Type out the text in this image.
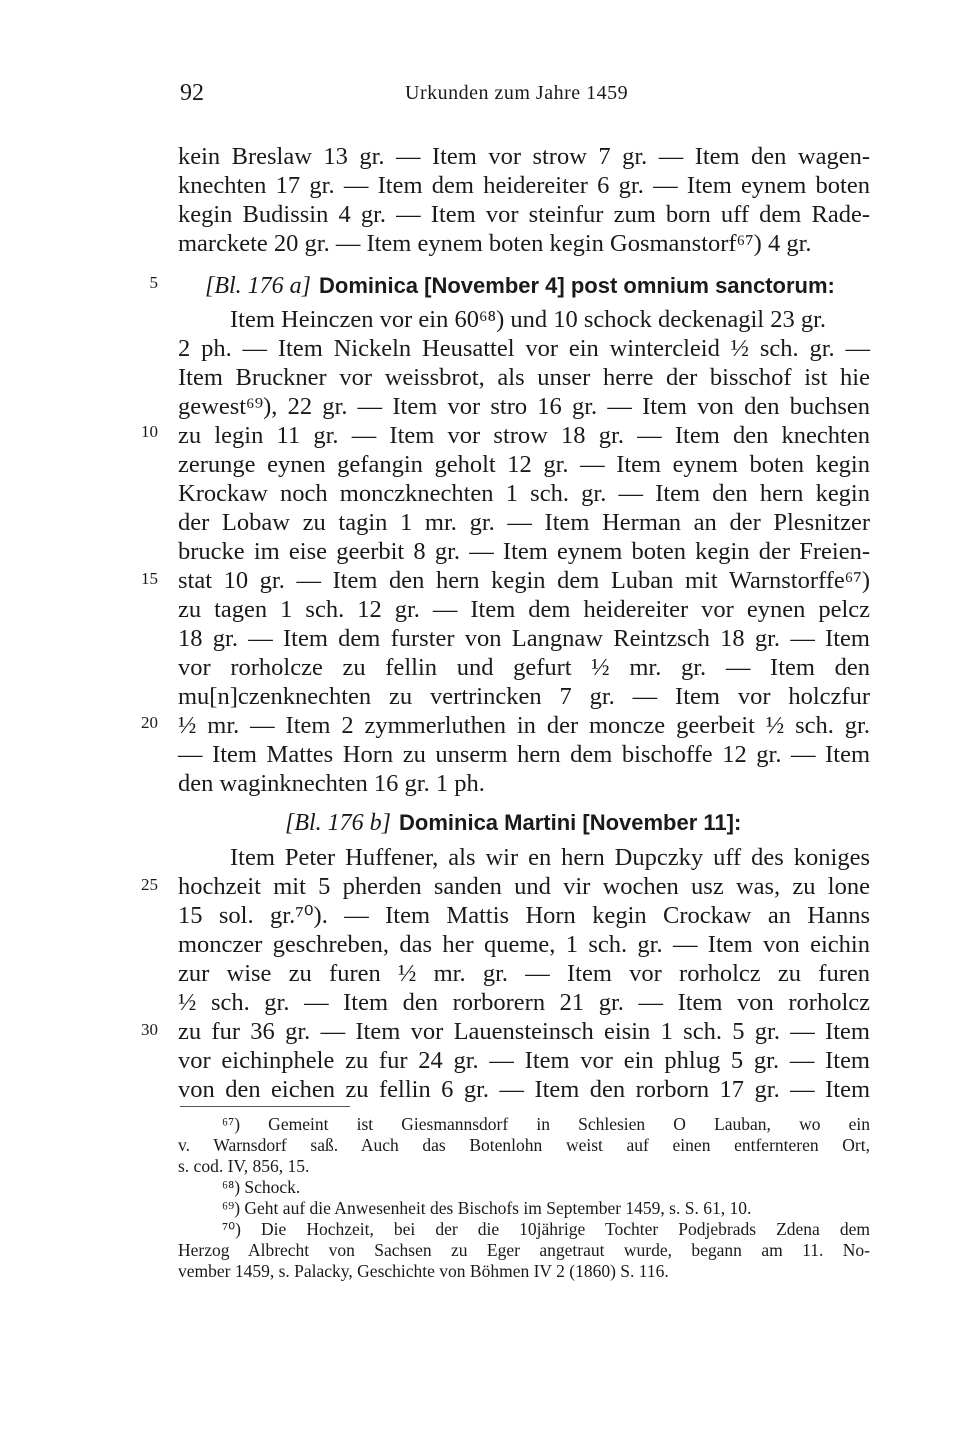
92	Urkunden zum Jahre 1459
5
10
15
20
25
30
kein Breslaw 13 gr. — Item vor strow 7 gr. — Item den wagen-
knechten 17 gr. — Item dem heidereiter 6 gr. — Item eynem boten
kegin Budissin 4 gr. — Item vor steinfur zum born uff dem Rade-
marckete 20 gr. — Item eynem boten kegin Gosmanstorf⁶⁷) 4 gr.
[Bl. 176 a] Dominica [November 4] post omnium sanctorum:
Item Heinczen vor ein 60⁶⁸) und 10 schock deckenagil 23 gr.
2 ph. — Item Nickeln Heusattel vor ein wintercleid ½ sch. gr. —
Item Bruckner vor weissbrot, als unser herre der bisschof ist hie
gewest⁶⁹), 22 gr. — Item vor stro 16 gr. — Item von den buchsen
zu legin 11 gr. — Item vor strow 18 gr. — Item den knechten
zerunge eynen gefangin geholt 12 gr. — Item eynem boten kegin
Krockaw noch monczknechten 1 sch. gr. — Item den hern kegin
der Lobaw zu tagin 1 mr. gr. — Item Herman an der Plesnitzer
brucke im eise geerbit 8 gr. — Item eynem boten kegin der Freien-
stat 10 gr. — Item den hern kegin dem Luban mit Warnstorffe⁶⁷)
zu tagen 1 sch. 12 gr. — Item dem heidereiter vor eynen pelcz
18 gr. — Item dem furster von Langnaw Reintzsch 18 gr. — Item
vor rorholcze zu fellin und gefurt ½ mr. gr. — Item den
mu[n]czenknechten zu vertrincken 7 gr. — Item vor holczfur
½ mr. — Item 2 zymmerluthen in der moncze geerbeit ½ sch. gr.
— Item Mattes Horn zu unserm hern dem bischoffe 12 gr. — Item
den waginknechten 16 gr. 1 ph.
[Bl. 176 b] Dominica Martini [November 11]:
Item Peter Huffener, als wir en hern Dupczky uff des koniges
hochzeit mit 5 pherden sanden und vir wochen usz was, zu lone
15 sol. gr.⁷⁰). — Item Mattis Horn kegin Crockaw an Hanns
monczer geschreben, das her queme, 1 sch. gr. — Item von eichin
zur wise zu furen ½ mr. gr. — Item vor rorholcz zu furen
½ sch. gr. — Item den rorborern 21 gr. — Item von rorholcz
zu fur 36 gr. — Item vor Lauensteinsch eisin 1 sch. 5 gr. — Item
vor eichinphele zu fur 24 gr. — Item vor ein phlug 5 gr. — Item
von den eichen zu fellin 6 gr. — Item den rorborn 17 gr. — Item
⁶⁷) Gemeint ist Giesmannsdorf in Schlesien O Lauban, wo ein
v. Warnsdorf saß. Auch das Botenlohn weist auf einen entfernteren Ort,
s. cod. IV, 856, 15.
⁶⁸) Schock.
⁶⁹) Geht auf die Anwesenheit des Bischofs im September 1459, s. S. 61, 10.
⁷⁰) Die Hochzeit, bei der die 10jährige Tochter Podjebrads Zdena dem
Herzog Albrecht von Sachsen zu Eger angetraut wurde, begann am 11. No-
vember 1459, s. Palacky, Geschichte von Böhmen IV 2 (1860) S. 116.
